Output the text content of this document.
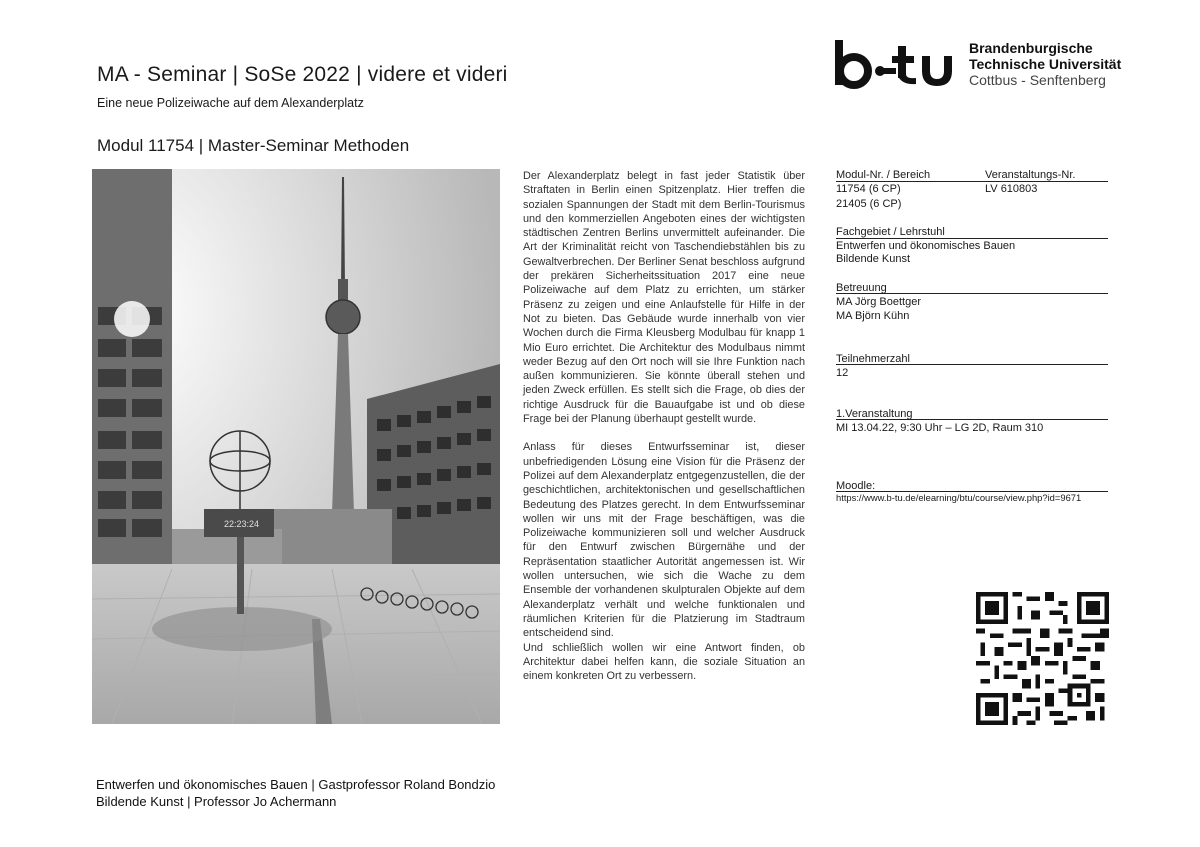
MA - Seminar | SoSe 2022 | videre et videri
Eine neue Polizeiwache auf dem Alexanderplatz
Modul 11754 | Master-Seminar Methoden
Brandenburgische
Technische Universität
Cottbus - Senftenberg
22:23:24

Der Alexanderplatz belegt in fast jeder Statistik über Straftaten in Berlin einen Spitzenplatz. Hier treffen die sozialen Spannungen der Stadt mit dem Berlin-Tourismus und den kommerziellen Angeboten eines der wichtigsten städtischen Zentren Berlins unvermittelt aufeinander. Die Art der Kriminalität reicht von Taschendiebstählen bis zu Gewaltverbrechen. Der Berliner Senat beschloss aufgrund der prekären Sicherheitssituation 2017 eine neue Polizeiwache auf dem Platz zu errichten, um stärker Präsenz zu zeigen und eine Anlaufstelle für Hilfe in der Not zu bieten. Das Gebäude wurde innerhalb von vier Wochen durch die Firma Kleusberg Modulbau für knapp 1 Mio Euro errichtet. Die Architektur des Modulbaus nimmt weder Bezug auf den Ort noch will sie Ihre Funktion nach außen kommunizieren. Sie könnte überall stehen und jeden Zweck erfüllen. Es stellt sich die Frage, ob dies der richtige Ausdruck für die Bauaufgabe ist und ob diese Frage bei der Planung überhaupt gestellt wurde.

Anlass für dieses Entwurfsseminar ist, dieser unbefriedigenden Lösung eine Vision für die Präsenz der Polizei auf dem Alexanderplatz entgegenzustellen, die der geschichtlichen, architektonischen und gesellschaftlichen Bedeutung des Platzes gerecht. In dem Entwurfsseminar wollen wir uns mit der Frage beschäftigen, was die Polizeiwache kommunizieren soll und welcher Ausdruck für den Entwurf zwischen Bürgernähe und der Repräsentation staatlicher Autorität angemessen ist. Wir wollen untersuchen, wie sich die Wache zu dem Ensemble der vorhandenen skulpturalen Objekte auf dem Alexanderplatz verhält und welche funktionalen und räumlichen Kriterien für die Platzierung im Stadtraum entscheidend sind.

Und schließlich wollen wir eine Antwort finden, ob Architektur dabei helfen kann, die soziale Situation an einem konkreten Ort zu verbessern.

Modul-Nr. / Bereich	Veranstaltungs-Nr.
11754 (6 CP)	LV 610803
21405 (6 CP)
Fachgebiet / Lehrstuhl
Entwerfen und ökonomisches Bauen
Bildende Kunst
Betreuung
MA Jörg Boettger
MA Björn Kühn
Teilnehmerzahl
12
1.Veranstaltung
MI 13.04.22, 9:30 Uhr – LG 2D, Raum 310
Moodle:
https://www.b-tu.de/elearning/btu/course/view.php?id=9671
Entwerfen und ökonomisches Bauen | Gastprofessor Roland Bondzio
Bildende Kunst | Professor Jo Achermann
